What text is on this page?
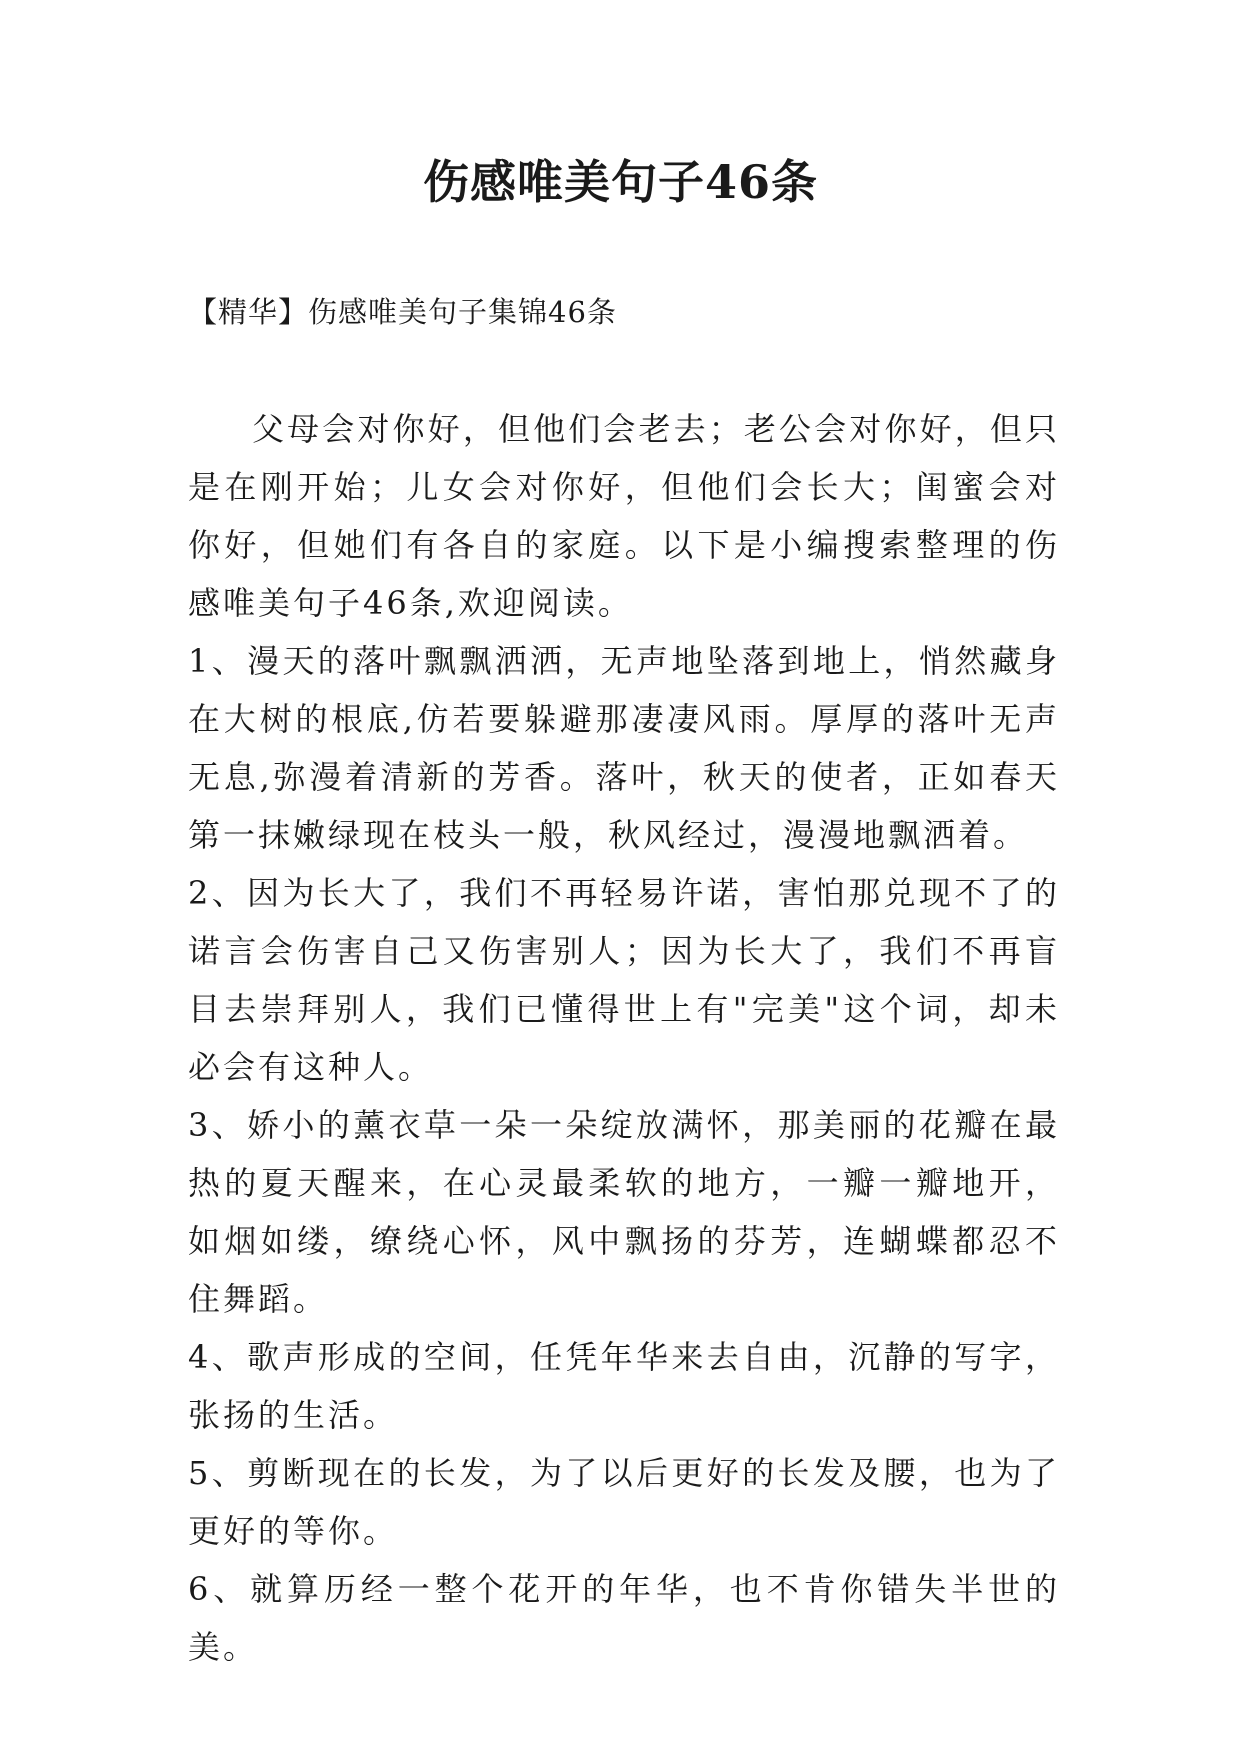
伤感唯美句子46条

【精华】伤感唯美句子集锦46条

父母会对你好，但他们会老去；老公会对你好，但只是在刚开始；儿女会对你好，但他们会长大；闺蜜会对你好，但她们有各自的家庭。以下是小编搜索整理的伤感唯美句子46条,欢迎阅读。

1、漫天的落叶飘飘洒洒，无声地坠落到地上，悄然藏身在大树的根底,仿若要躲避那凄凄风雨。厚厚的落叶无声无息,弥漫着清新的芳香。落叶，秋天的使者，正如春天第一抹嫩绿现在枝头一般，秋风经过，漫漫地飘洒着。

2、因为长大了，我们不再轻易许诺，害怕那兑现不了的诺言会伤害自己又伤害别人；因为长大了，我们不再盲目去崇拜别人，我们已懂得世上有"完美"这个词，却未必会有这种人。

3、娇小的薰衣草一朵一朵绽放满怀，那美丽的花瓣在最热的夏天醒来，在心灵最柔软的地方，一瓣一瓣地开，如烟如缕，缭绕心怀，风中飘扬的芬芳，连蝴蝶都忍不住舞蹈。

4、歌声形成的空间，任凭年华来去自由，沉静的写字，张扬的生活。

5、剪断现在的长发，为了以后更好的长发及腰，也为了更好的等你。

6、就算历经一整个花开的年华，也不肯你错失半世的美。
